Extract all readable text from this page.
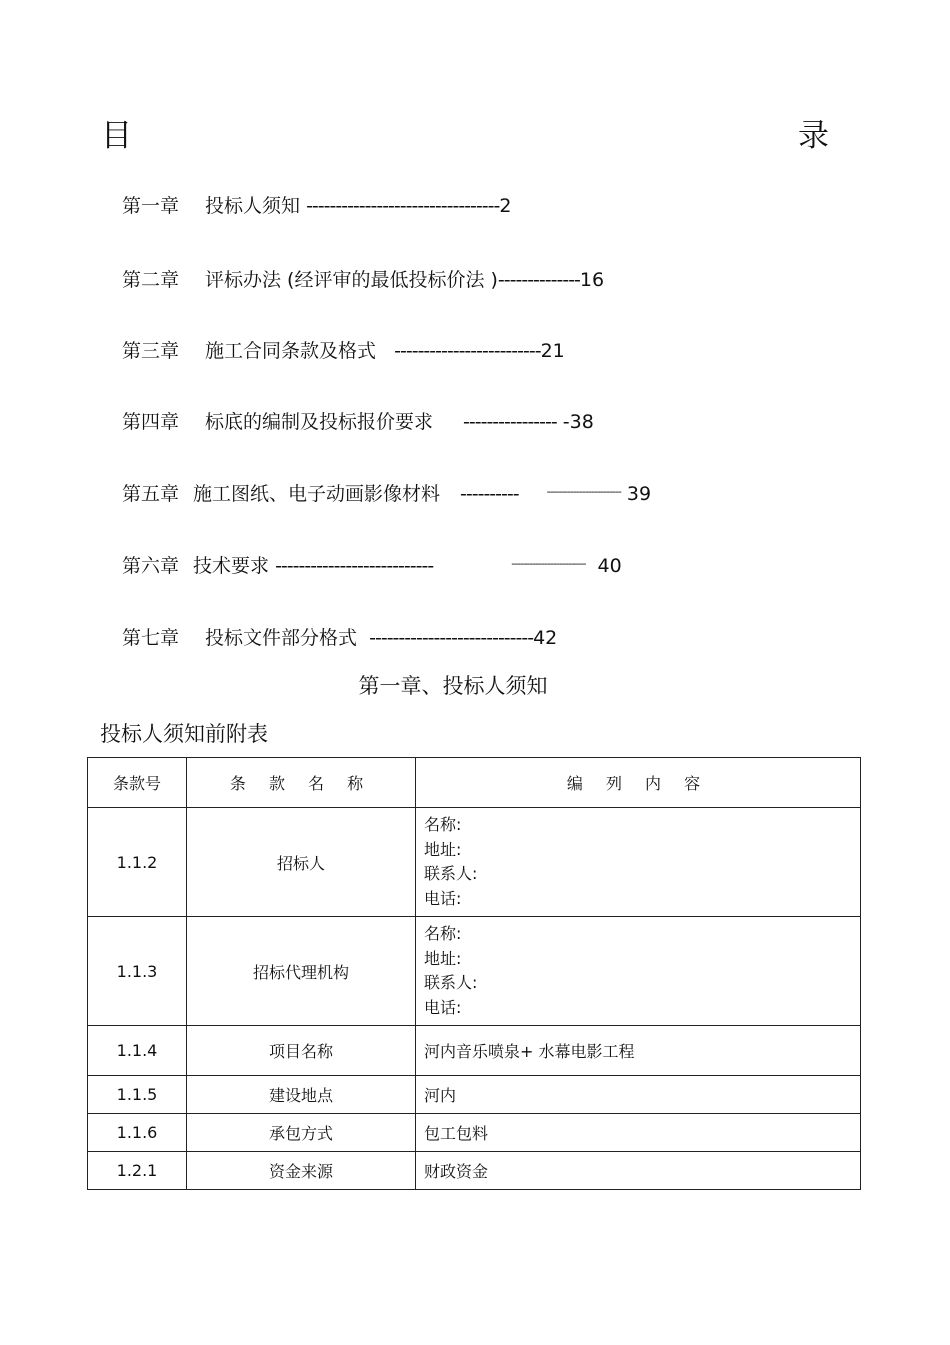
目	录
第一章 投标人须知 ---------------------------------2
第二章 评标办法 (经评审的最低投标价法 )--------------16
第三章 施工合同条款及格式 -------------------------21
第四章 标底的编制及投标报价要求 ---------------- -38
第五章 施工图纸、电子动画影像材料 ----------	------------------------- 39
第六章 技术要求 ---------------------------	------------------------- 40
第七章 投标文件部分格式 ----------------------------42
第一章、投标人须知
投标人须知前附表
条款号	条 款 名 称	编 列 内 容
1.1.2	招标人	名称:
地址:
联系人:
电话:

1.1.3	招标代理机构	名称:
地址:
联系人:
电话:

1.1.4	项目名称	河内音乐喷泉+ 水幕电影工程
1.1.5	建设地点	河内
1.1.6	承包方式	包工包料
1.2.1	资金来源	财政资金
